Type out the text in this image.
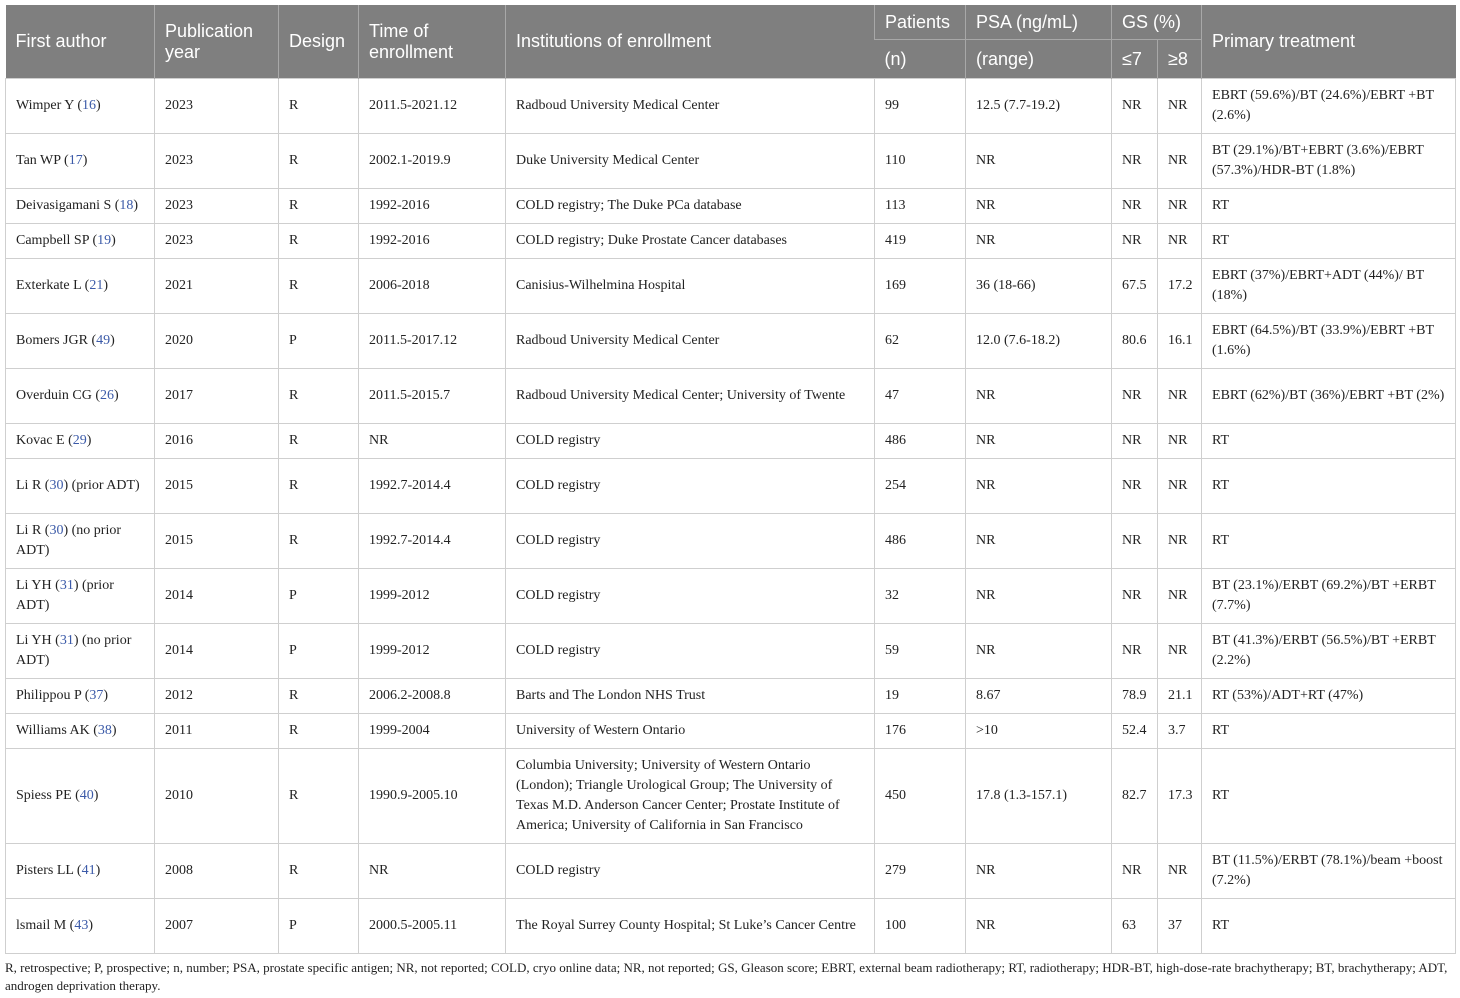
First author	Publication year	Design	Time of enrollment	Institutions of enrollment	Patients	PSA (ng/mL)	GS (%)		Primary treatment
					(n)	(range)	≤7	≥8	
Wimper Y (16)	2023	R	2011.5-2021.12	Radboud University Medical Center	99	12.5 (7.7-19.2)	NR	NR	EBRT (59.6%)/BT (24.6%)/EBRT +BT (2.6%)
Tan WP (17)	2023	R	2002.1-2019.9	Duke University Medical Center	110	NR	NR	NR	BT (29.1%)/BT+EBRT (3.6%)/EBRT (57.3%)/HDR-BT (1.8%)
Deivasigamani S (18)	2023	R	1992-2016	COLD registry; The Duke PCa database	113	NR	NR	NR	RT
Campbell SP (19)	2023	R	1992-2016	COLD registry; Duke Prostate Cancer databases	419	NR	NR	NR	RT
Exterkate L (21)	2021	R	2006-2018	Canisius-Wilhelmina Hospital	169	36 (18-66)	67.5	17.2	EBRT (37%)/EBRT+ADT (44%)/ BT (18%)
Bomers JGR (49)	2020	P	2011.5-2017.12	Radboud University Medical Center	62	12.0 (7.6-18.2)	80.6	16.1	EBRT (64.5%)/BT (33.9%)/EBRT +BT (1.6%)
Overduin CG (26)	2017	R	2011.5-2015.7	Radboud University Medical Center; University of Twente	47	NR	NR	NR	EBRT (62%)/BT (36%)/EBRT +BT (2%)
Kovac E (29)	2016	R	NR	COLD registry	486	NR	NR	NR	RT
Li R (30) (prior ADT)	2015	R	1992.7-2014.4	COLD registry	254	NR	NR	NR	RT
Li R (30) (no prior ADT)	2015	R	1992.7-2014.4	COLD registry	486	NR	NR	NR	RT
Li YH (31) (prior ADT)	2014	P	1999-2012	COLD registry	32	NR	NR	NR	BT (23.1%)/ERBT (69.2%)/BT +ERBT (7.7%)
Li YH (31) (no prior ADT)	2014	P	1999-2012	COLD registry	59	NR	NR	NR	BT (41.3%)/ERBT (56.5%)/BT +ERBT (2.2%)
Philippou P (37)	2012	R	2006.2-2008.8	Barts and The London NHS Trust	19	8.67	78.9	21.1	RT (53%)/ADT+RT (47%)
Williams AK (38)	2011	R	1999-2004	University of Western Ontario	176	>10	52.4	3.7	RT
Spiess PE (40)	2010	R	1990.9-2005.10	Columbia University; University of Western Ontario (London); Triangle Urological Group; The University of Texas M.D. Anderson Cancer Center; Prostate Institute of America; University of California in San Francisco	450	17.8 (1.3-157.1)	82.7	17.3	RT
Pisters LL (41)	2008	R	NR	COLD registry	279	NR	NR	NR	BT (11.5%)/ERBT (78.1%)/beam +boost (7.2%)
lsmail M (43)	2007	P	2000.5-2005.11	The Royal Surrey County Hospital; St Luke’s Cancer Centre	100	NR	63	37	RT
R, retrospective; P, prospective; n, number; PSA, prostate specific antigen; NR, not reported; COLD, cryo online data; NR, not reported; GS, Gleason score; EBRT, external beam radiotherapy; RT, radiotherapy; HDR-BT, high-dose-rate brachytherapy; BT, brachytherapy; ADT, androgen deprivation therapy.
